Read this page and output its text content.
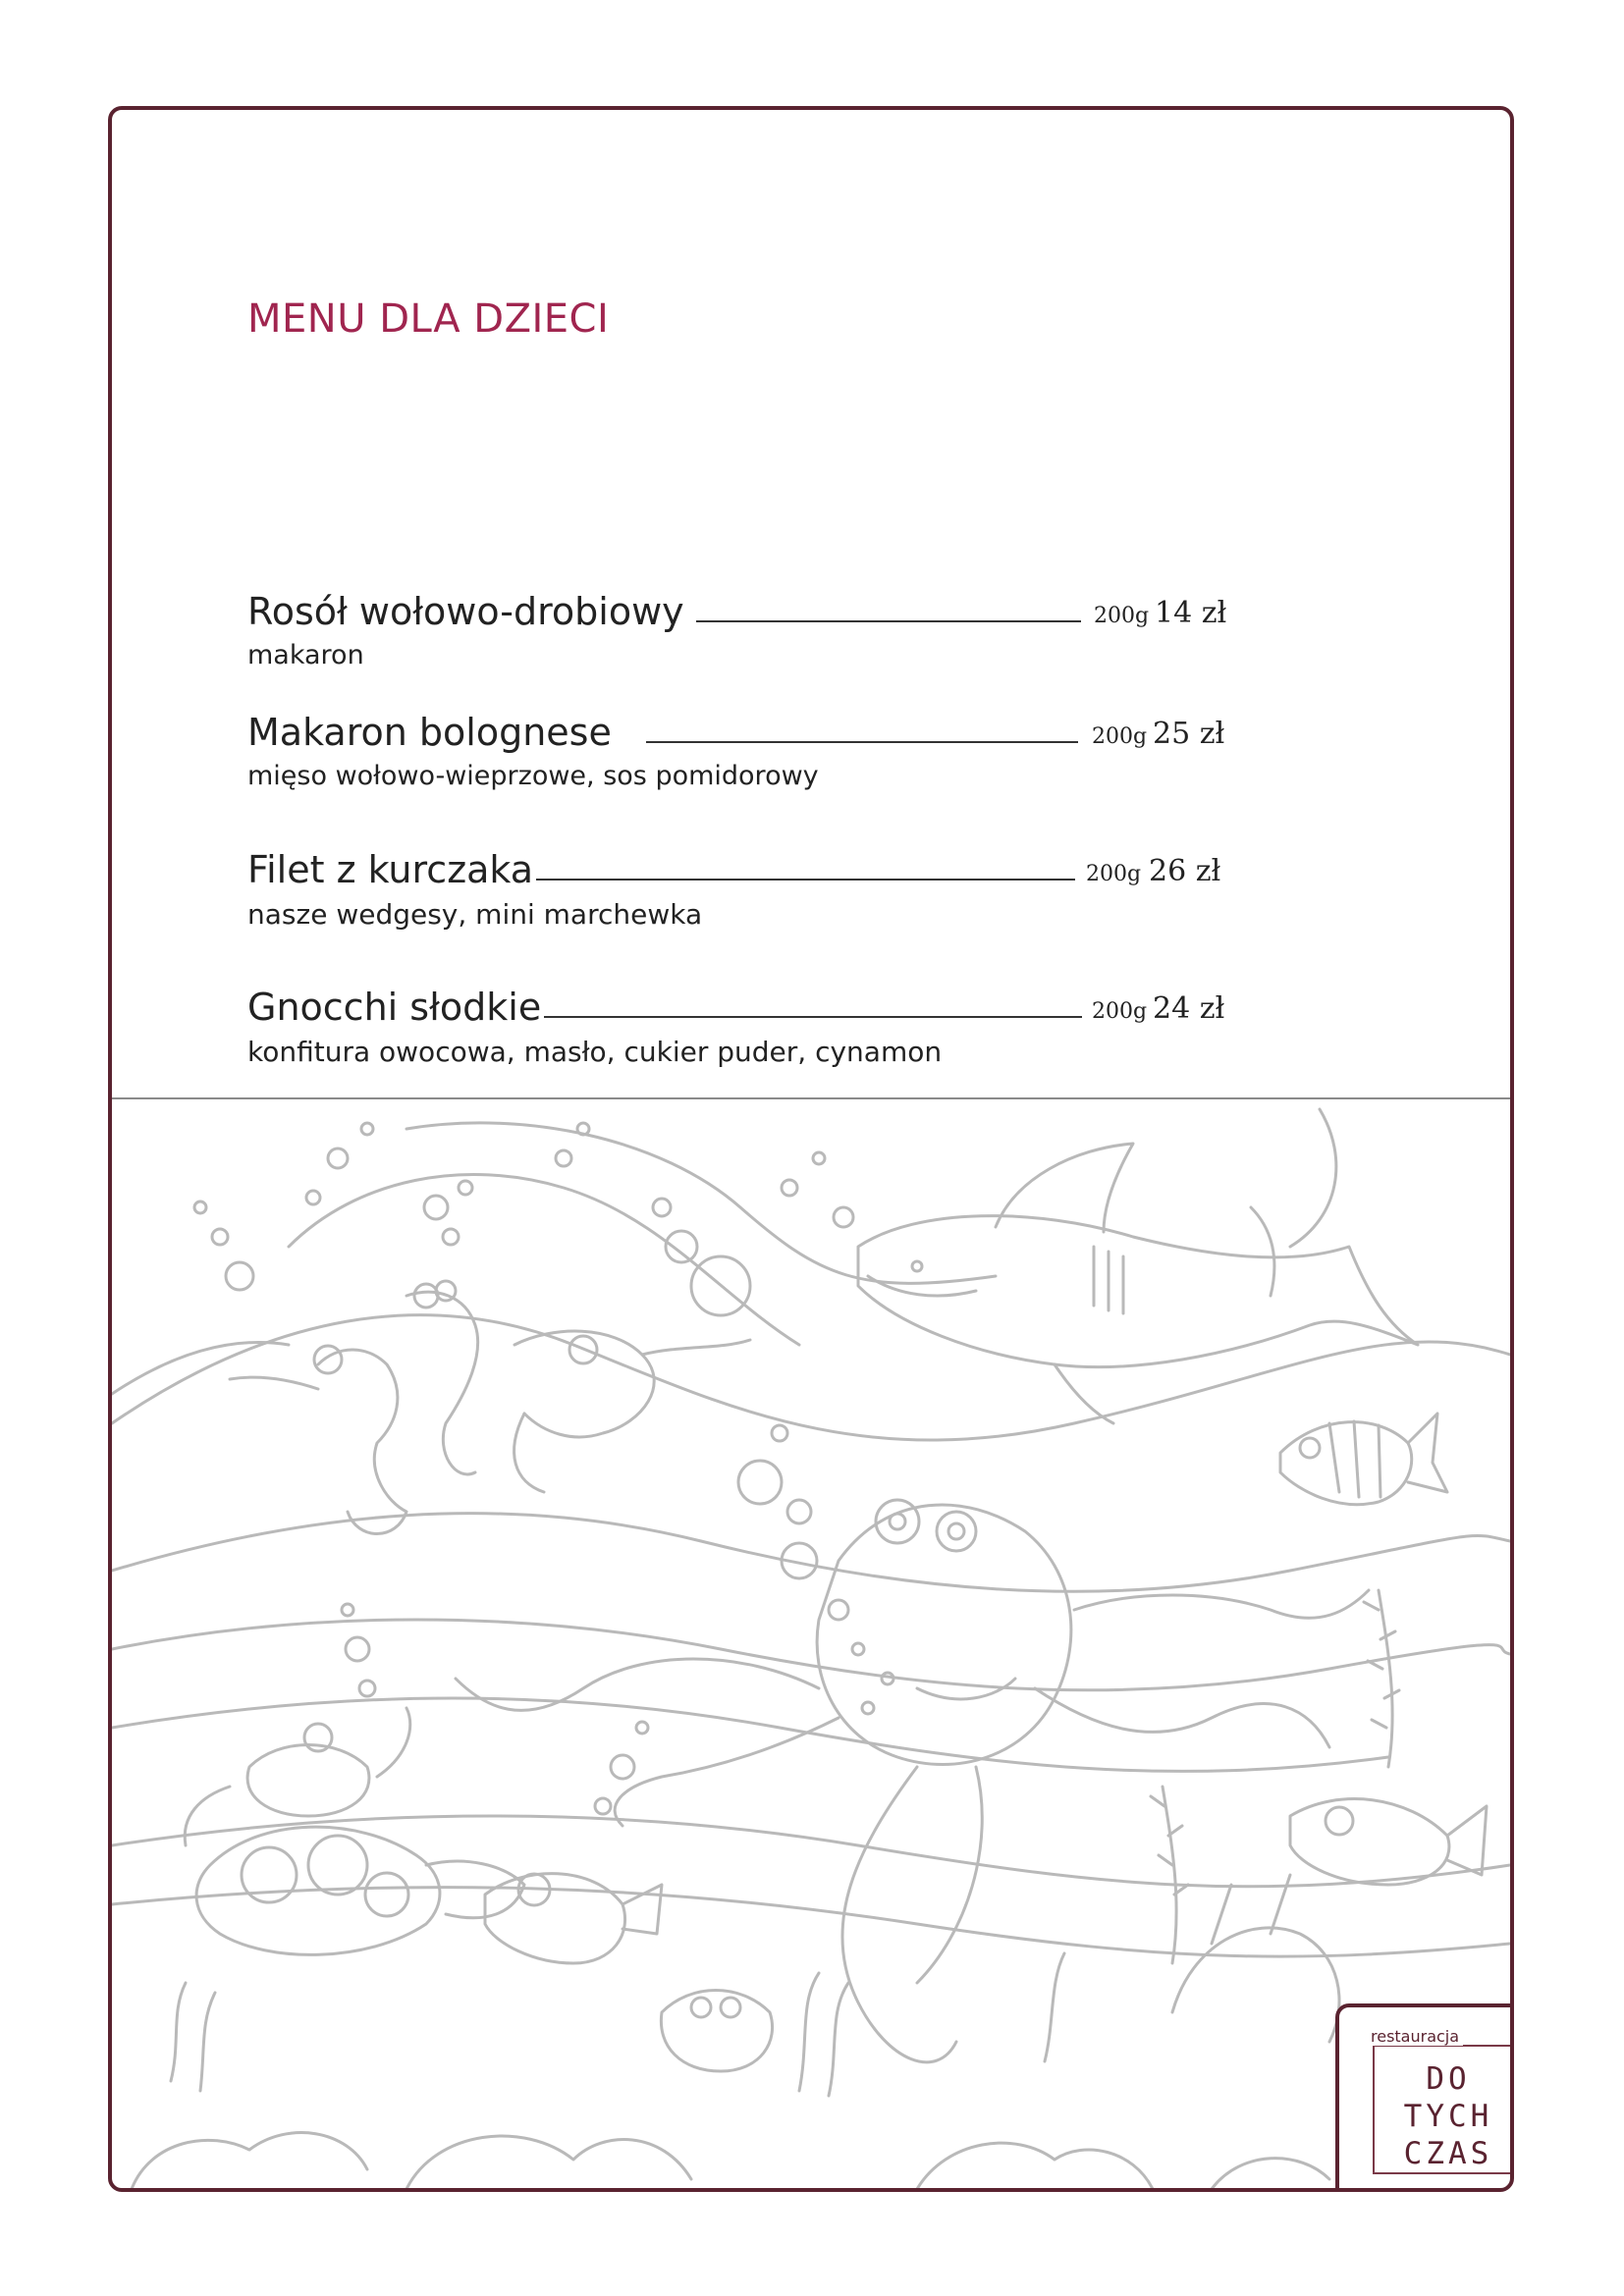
MENU DLA DZIECI
Rosół wołowo-drobiowy	200g 14 zł
makaron
Makaron bolognese	200g 25 zł
mięso wołowo-wieprzowe, sos pomidorowy
Filet z kurczaka	200g 26 zł
nasze wedgesy, mini marchewka
Gnocchi słodkie	200g 24 zł
konfitura owocowa, masło, cukier puder, cynamon
DO
TYCH
CZAS
restauracja
